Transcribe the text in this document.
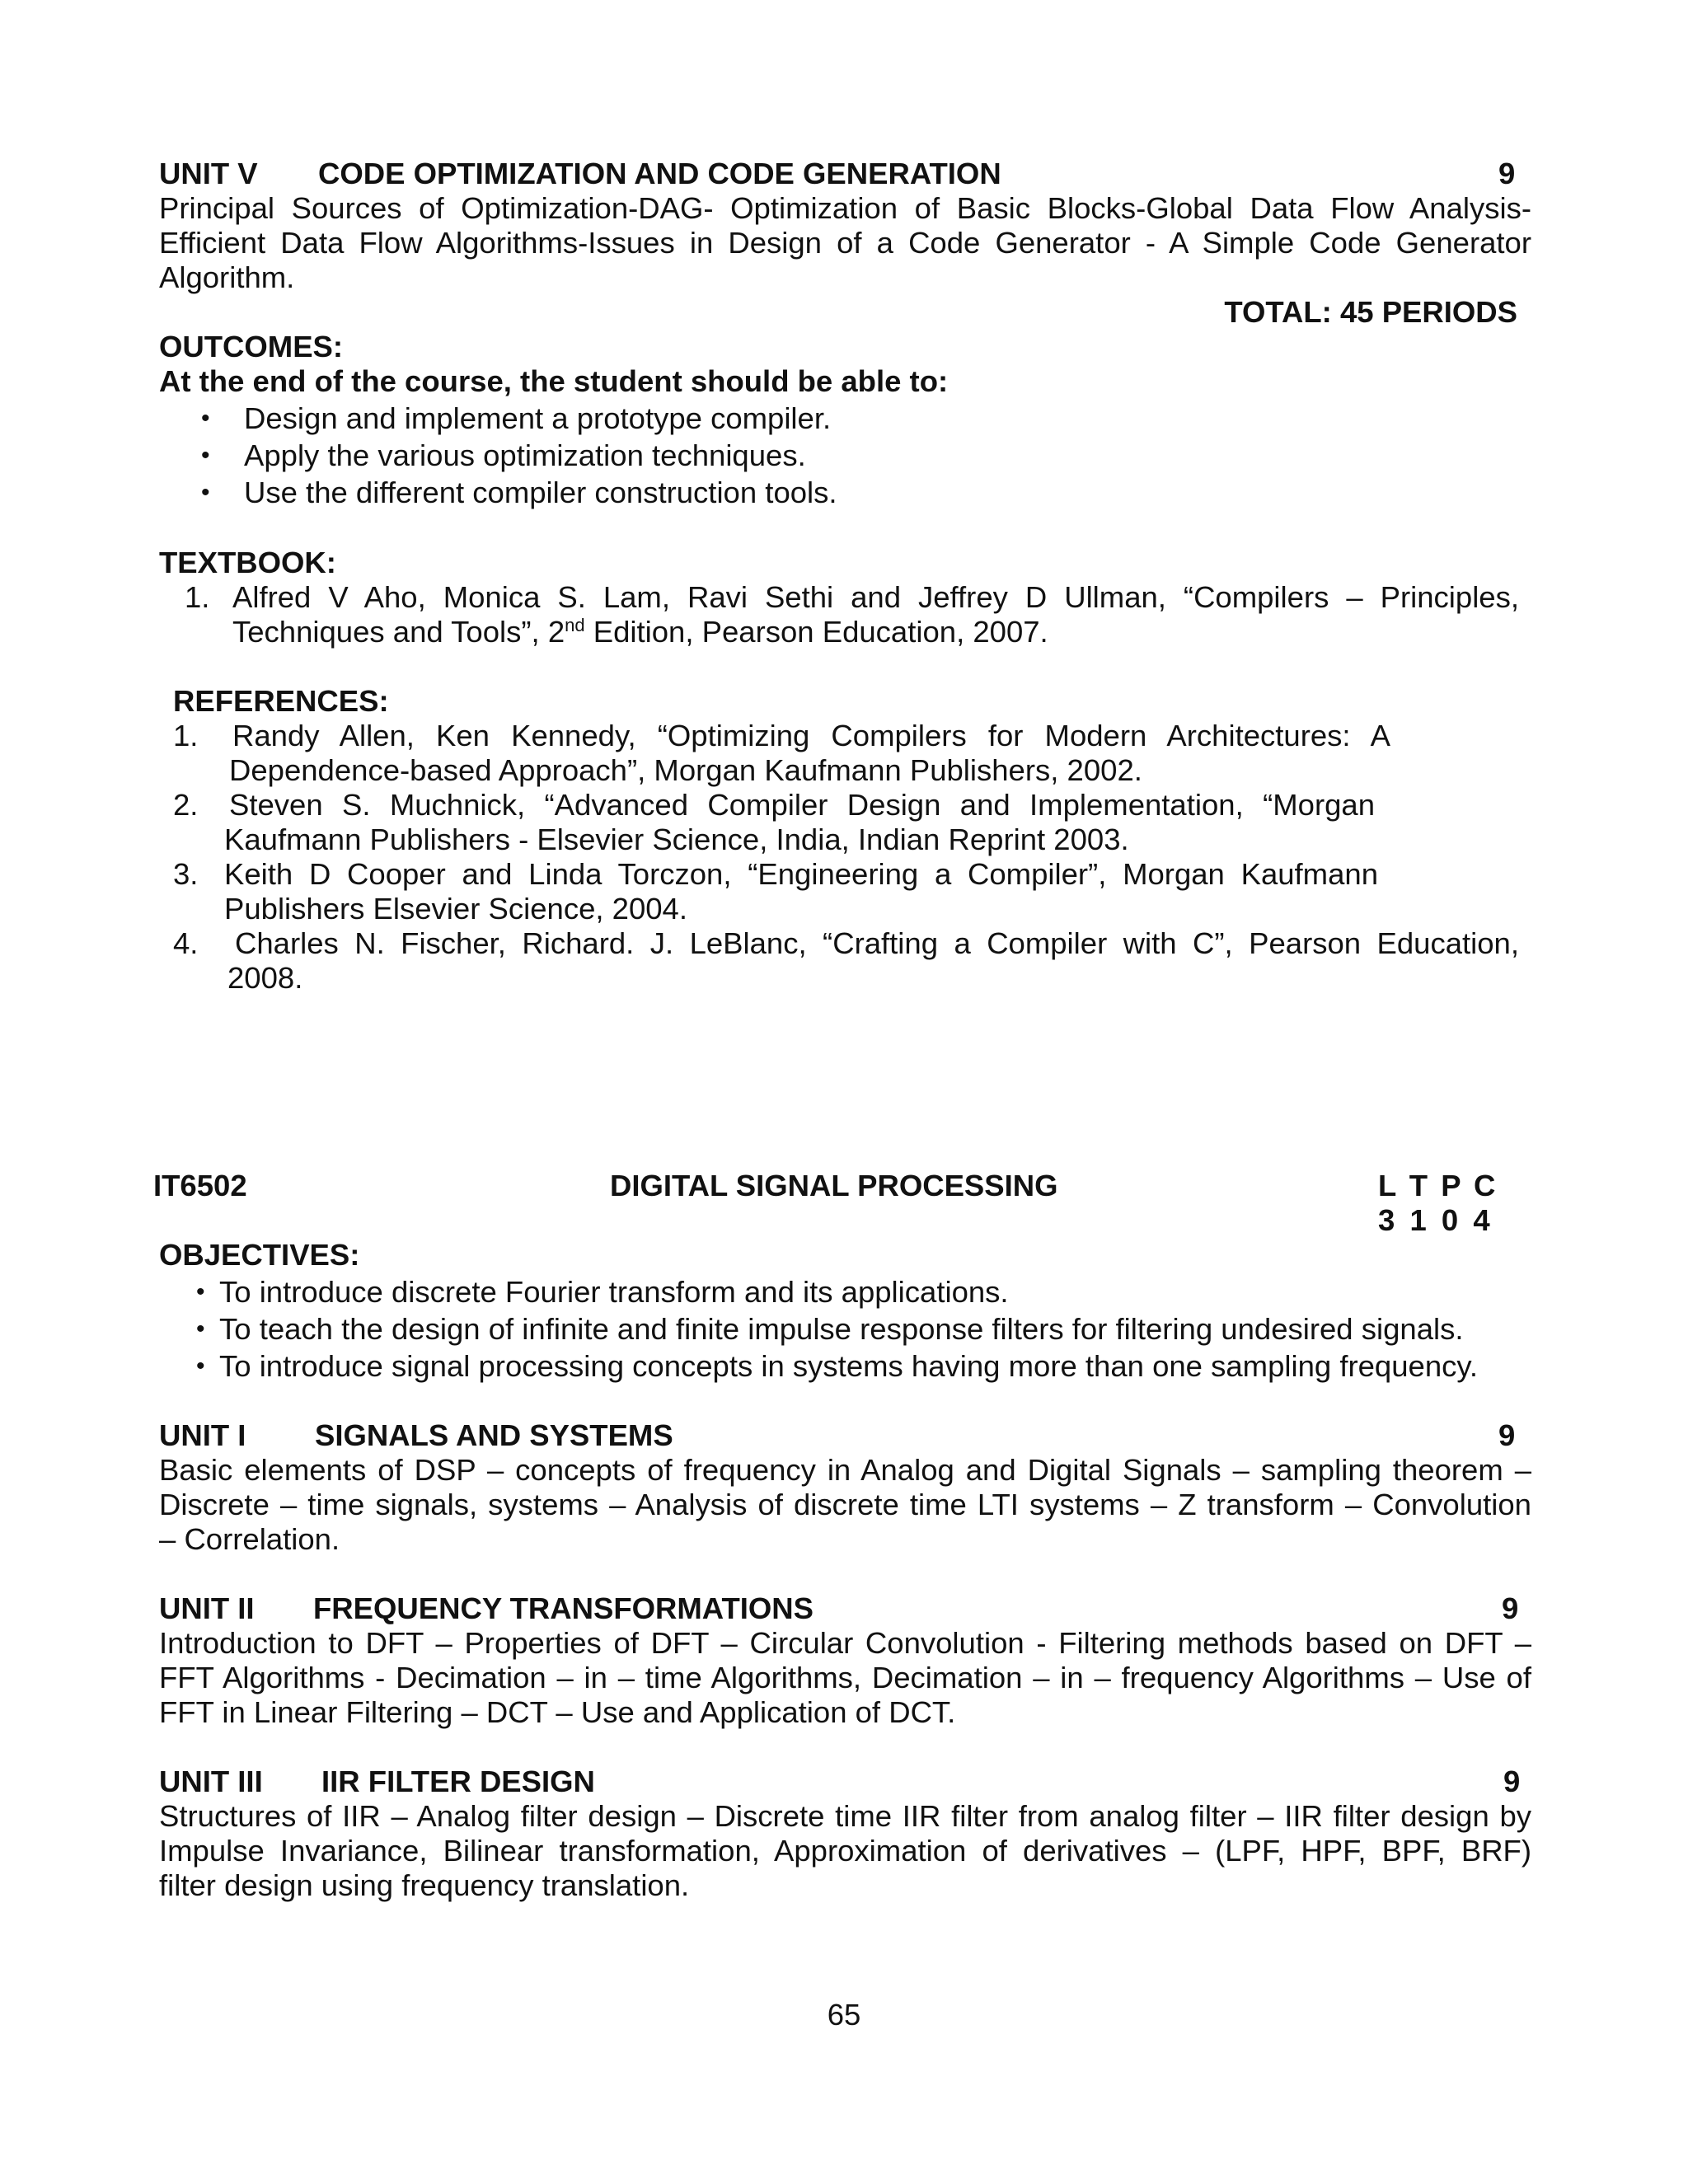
UNIT V CODE OPTIMIZATION AND CODE GENERATION	9
Principal Sources of Optimization-DAG- Optimization of Basic Blocks-Global Data Flow Analysis-
Efficient Data Flow Algorithms-Issues in Design of a Code Generator - A Simple Code Generator
Algorithm.
TOTAL: 45 PERIODS
OUTCOMES:
At the end of the course, the student should be able to:
• Design and implement a prototype compiler.
• Apply the various optimization techniques.
• Use the different compiler construction tools.
TEXTBOOK:
1. Alfred V Aho, Monica S. Lam, Ravi Sethi and Jeffrey D Ullman, “Compilers – Principles,
Techniques and Tools”, 2nd Edition, Pearson Education, 2007.
REFERENCES:
1. Randy Allen, Ken Kennedy, “Optimizing Compilers for Modern Architectures: A
Dependence-based Approach”, Morgan Kaufmann Publishers, 2002.
2. Steven S. Muchnick, “Advanced Compiler Design and Implementation, “Morgan
Kaufmann Publishers - Elsevier Science, India, Indian Reprint 2003.
3. Keith D Cooper and Linda Torczon, “Engineering a Compiler”, Morgan Kaufmann
Publishers Elsevier Science, 2004.
4. Charles N. Fischer, Richard. J. LeBlanc, “Crafting a Compiler with C”, Pearson Education,
2008.
IT6502	DIGITAL SIGNAL PROCESSING	L T P C
3 1 0 4
OBJECTIVES:
• To introduce discrete Fourier transform and its applications.
• To teach the design of infinite and finite impulse response filters for filtering undesired signals.
• To introduce signal processing concepts in systems having more than one sampling frequency.
UNIT I SIGNALS AND SYSTEMS	9
Basic elements of DSP – concepts of frequency in Analog and Digital Signals – sampling theorem –
Discrete – time signals, systems – Analysis of discrete time LTI systems – Z transform – Convolution
– Correlation.
UNIT II FREQUENCY TRANSFORMATIONS	9
Introduction to DFT – Properties of DFT – Circular Convolution - Filtering methods based on DFT –
FFT Algorithms - Decimation – in – time Algorithms, Decimation – in – frequency Algorithms – Use of
FFT in Linear Filtering – DCT – Use and Application of DCT.
UNIT III IIR FILTER DESIGN	9
Structures of IIR – Analog filter design – Discrete time IIR filter from analog filter – IIR filter design by
Impulse Invariance, Bilinear transformation, Approximation of derivatives – (LPF, HPF, BPF, BRF)
filter design using frequency translation.
65
